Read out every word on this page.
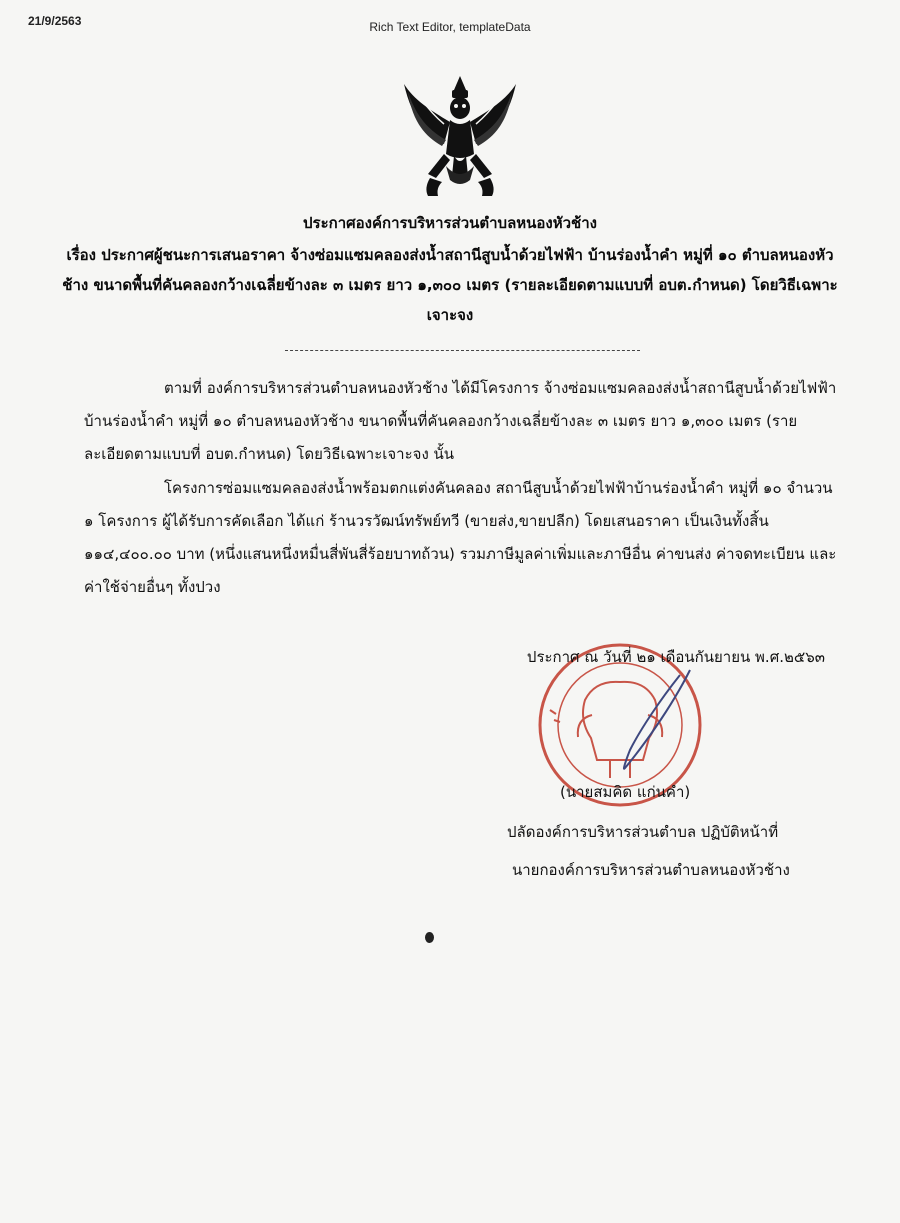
21/9/2563	Rich Text Editor, templateData
ประกาศองค์การบริหารส่วนตำบลหนองหัวช้าง
เรื่อง ประกาศผู้ชนะการเสนอราคา จ้างซ่อมแซมคลองส่งน้ำสถานีสูบน้ำด้วยไฟฟ้า บ้านร่องน้ำคำ หมู่ที่ ๑๐ ตำบลหนองหัวช้าง ขนาดพื้นที่คันคลองกว้างเฉลี่ยข้างละ ๓ เมตร ยาว ๑,๓๐๐ เมตร (รายละเอียดตามแบบที่ อบต.กำหนด) โดยวิธีเฉพาะเจาะจง

ตามที่ องค์การบริหารส่วนตำบลหนองหัวช้าง ได้มีโครงการ จ้างซ่อมแซมคลองส่งน้ำสถานีสูบน้ำด้วยไฟฟ้า บ้านร่องน้ำคำ หมู่ที่ ๑๐ ตำบลหนองหัวช้าง ขนาดพื้นที่คันคลองกว้างเฉลี่ยข้างละ ๓ เมตร ยาว ๑,๓๐๐ เมตร (รายละเอียดตามแบบที่ อบต.กำหนด) โดยวิธีเฉพาะเจาะจง นั้น

โครงการซ่อมแซมคลองส่งน้ำพร้อมตกแต่งคันคลอง สถานีสูบน้ำด้วยไฟฟ้าบ้านร่องน้ำคำ หมู่ที่ ๑๐ จำนวน ๑ โครงการ ผู้ได้รับการคัดเลือก ได้แก่ ร้านวรวัฒน์ทรัพย์ทวี (ขายส่ง,ขายปลีก) โดยเสนอราคา เป็นเงินทั้งสิ้น ๑๑๔,๔๐๐.๐๐ บาท (หนึ่งแสนหนึ่งหมื่นสี่พันสี่ร้อยบาทถ้วน) รวมภาษีมูลค่าเพิ่มและภาษีอื่น ค่าขนส่ง ค่าจดทะเบียน และค่าใช้จ่ายอื่นๆ ทั้งปวง

ประกาศ ณ วันที่ ๒๑ เดือนกันยายน พ.ศ.๒๕๖๓
(นายสมคิด แก่นคำ)
ปลัดองค์การบริหารส่วนตำบล ปฏิบัติหน้าที่
นายกองค์การบริหารส่วนตำบลหนองหัวช้าง
